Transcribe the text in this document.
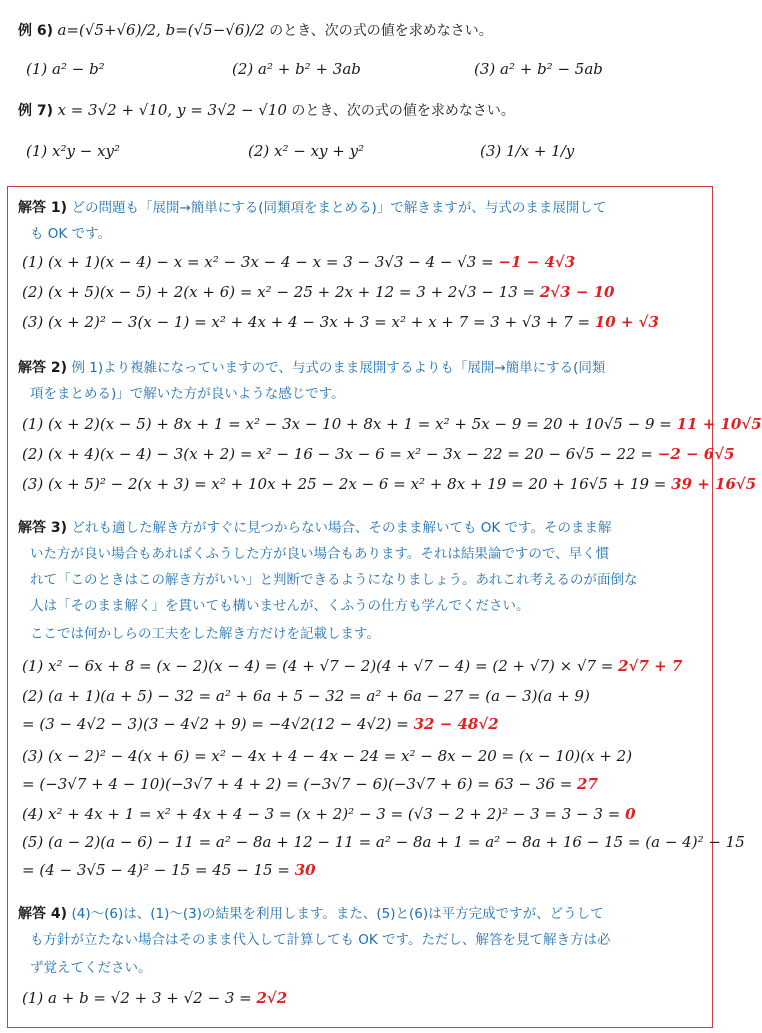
例 6) a=(√5+√6)/2, b=(√5−√6)/2 のとき、次の式の値を求めなさい。
(1) a² − b²	(2) a² + b² + 3ab	(3) a² + b² − 5ab
例 7) x = 3√2 + √10, y = 3√2 − √10 のとき、次の式の値を求めなさい。
(1) x²y − xy²	(2) x² − xy + y²	(3) 1/x + 1/y
解答 1) どの問題も「展開→簡単にする(同類項をまとめる)」で解きますが、与式のまま展開して
も OK です。
(1) (x + 1)(x − 4) − x = x² − 3x − 4 − x = 3 − 3√3 − 4 − √3 = −1 − 4√3
(2) (x + 5)(x − 5) + 2(x + 6) = x² − 25 + 2x + 12 = 3 + 2√3 − 13 = 2√3 − 10
(3) (x + 2)² − 3(x − 1) = x² + 4x + 4 − 3x + 3 = x² + x + 7 = 3 + √3 + 7 = 10 + √3
解答 2) 例 1)より複雑になっていますので、与式のまま展開するよりも「展開→簡単にする(同類
項をまとめる)」で解いた方が良いような感じです。
(1) (x + 2)(x − 5) + 8x + 1 = x² − 3x − 10 + 8x + 1 = x² + 5x − 9 = 20 + 10√5 − 9 = 11 + 10√5
(2) (x + 4)(x − 4) − 3(x + 2) = x² − 16 − 3x − 6 = x² − 3x − 22 = 20 − 6√5 − 22 = −2 − 6√5
(3) (x + 5)² − 2(x + 3) = x² + 10x + 25 − 2x − 6 = x² + 8x + 19 = 20 + 16√5 + 19 = 39 + 16√5
解答 3) どれも適した解き方がすぐに見つからない場合、そのまま解いても OK です。そのまま解
いた方が良い場合もあればくふうした方が良い場合もあります。それは結果論ですので、早く慣
れて「このときはこの解き方がいい」と判断できるようになりましょう。あれこれ考えるのが面倒な
人は「そのまま解く」を貫いても構いませんが、くふうの仕方も学んでください。
ここでは何かしらの工夫をした解き方だけを記載します。
(1) x² − 6x + 8 = (x − 2)(x − 4) = (4 + √7 − 2)(4 + √7 − 4) = (2 + √7) × √7 = 2√7 + 7
(2) (a + 1)(a + 5) − 32 = a² + 6a + 5 − 32 = a² + 6a − 27 = (a − 3)(a + 9)
= (3 − 4√2 − 3)(3 − 4√2 + 9) = −4√2(12 − 4√2) = 32 − 48√2
(3) (x − 2)² − 4(x + 6) = x² − 4x + 4 − 4x − 24 = x² − 8x − 20 = (x − 10)(x + 2)
= (−3√7 + 4 − 10)(−3√7 + 4 + 2) = (−3√7 − 6)(−3√7 + 6) = 63 − 36 = 27
(4) x² + 4x + 1 = x² + 4x + 4 − 3 = (x + 2)² − 3 = (√3 − 2 + 2)² − 3 = 3 − 3 = 0
(5) (a − 2)(a − 6) − 11 = a² − 8a + 12 − 11 = a² − 8a + 1 = a² − 8a + 16 − 15 = (a − 4)² − 15
= (4 − 3√5 − 4)² − 15 = 45 − 15 = 30
解答 4) (4)～(6)は、(1)～(3)の結果を利用します。また、(5)と(6)は平方完成ですが、どうして
も方針が立たない場合はそのまま代入して計算しても OK です。ただし、解答を見て解き方は必
ず覚えてください。
(1) a + b = √2 + 3 + √2 − 3 = 2√2
